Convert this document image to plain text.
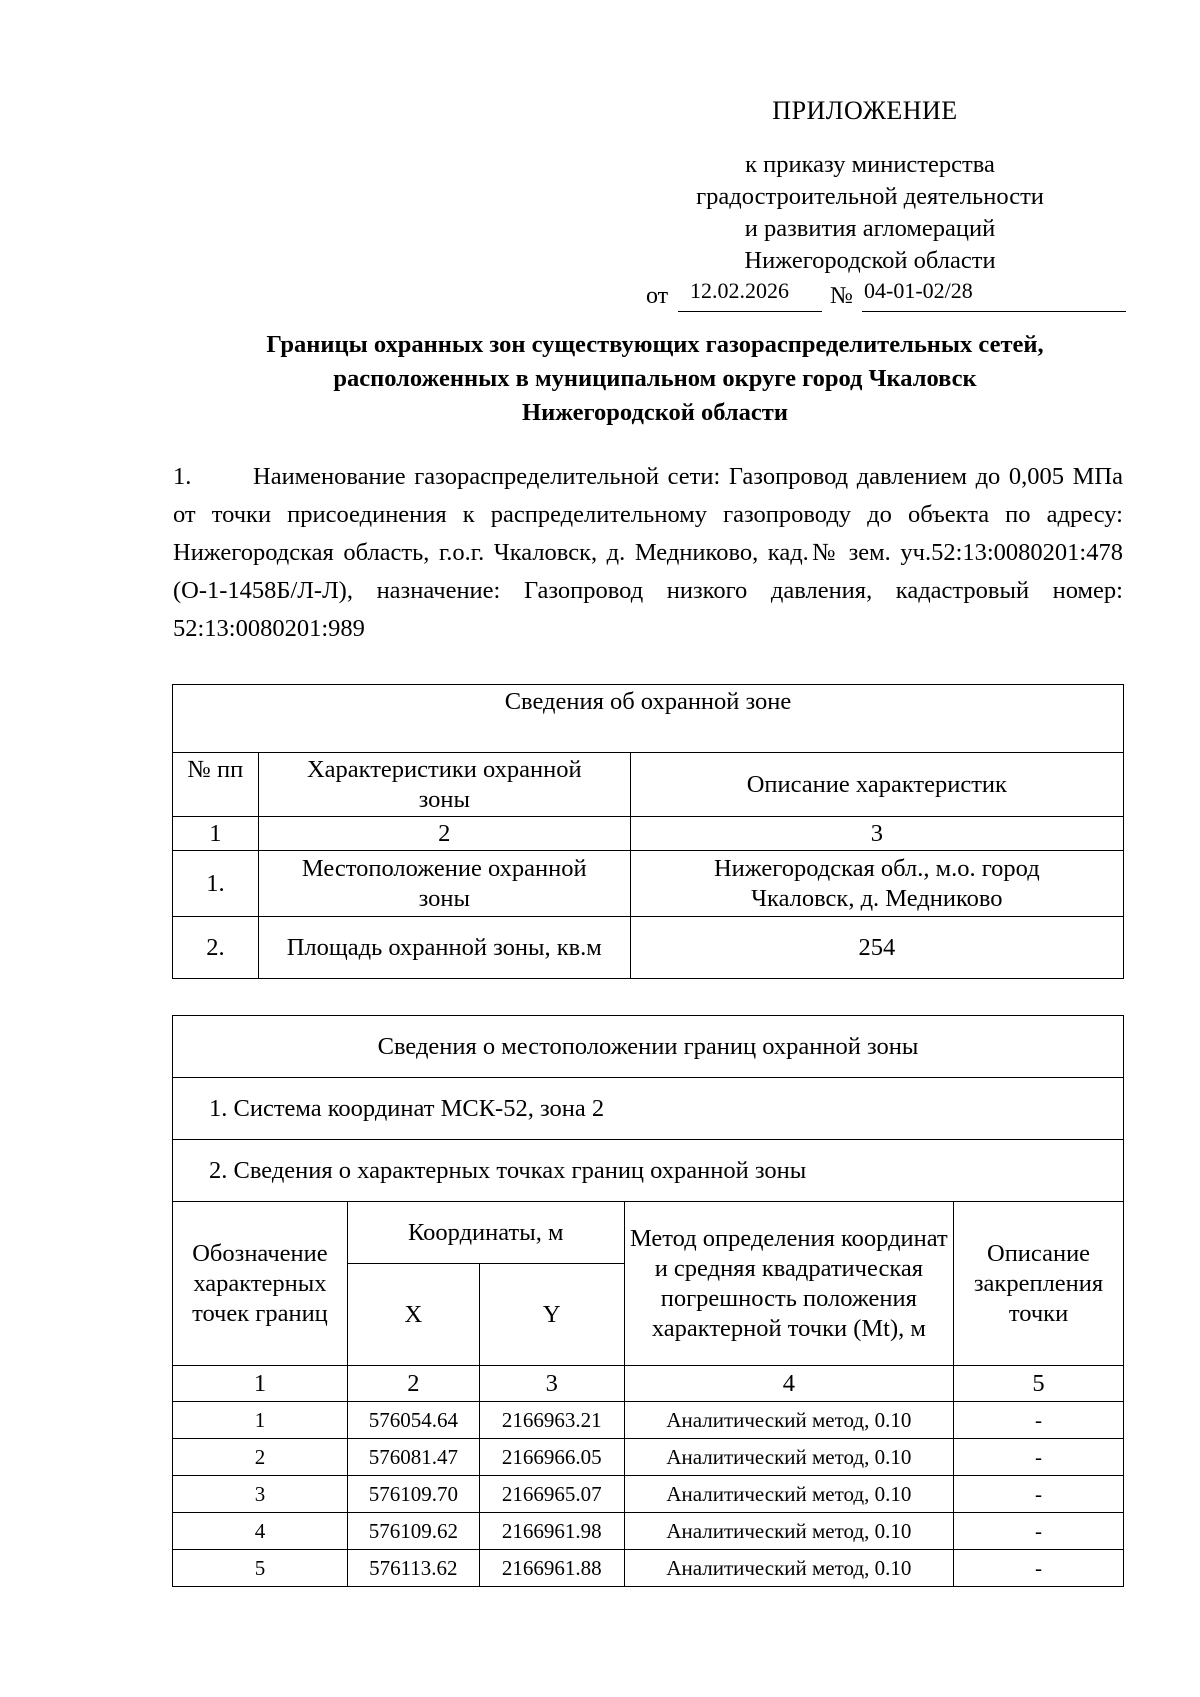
ПРИЛОЖЕНИЕ
к приказу министерства
градостроительной деятельности
и развития агломераций
Нижегородской области
от 12.02.2026 № 04-01-02/28
Границы охранных зон существующих газораспределительных сетей,
расположенных в муниципальном округе город Чкаловск
Нижегородской области
1.	Наименование газораспределительной сети: Газопровод давлением до 0,005 МПа от точки присоединения к распределительному газопроводу до объекта по адресу: Нижегородская область, г.о.г. Чкаловск, д. Медниково, кад.№ зем. уч.52:13:0080201:478 (О-1-1458Б/Л-Л), назначение: Газопровод низкого давления, кадастровый номер: 52:13:0080201:989
Сведения об охранной зоне		
№ пп	Характеристики охранной зоны	Описание характеристик
1	2	3
1.	Местоположение охранной зоны	Нижегородская обл., м.о. город Чкаловск, д. Медниково
2.	Площадь охранной зоны, кв.м	254
Сведения о местоположении границ охранной зоны				
1. Система координат МСК-52, зона 2				
2. Сведения о характерных точках границ охранной зоны				
Обозначение характерных точек границ	Координаты, м		Метод определения координат и средняя квадратическая погрешность положения характерной точки (Mt), м	Описание закрепления точки
	X	Y		
1	2	3	4	5
1	576054.64	2166963.21	Аналитический метод, 0.10	-
2	576081.47	2166966.05	Аналитический метод, 0.10	-
3	576109.70	2166965.07	Аналитический метод, 0.10	-
4	576109.62	2166961.98	Аналитический метод, 0.10	-
5	576113.62	2166961.88	Аналитический метод, 0.10	-
